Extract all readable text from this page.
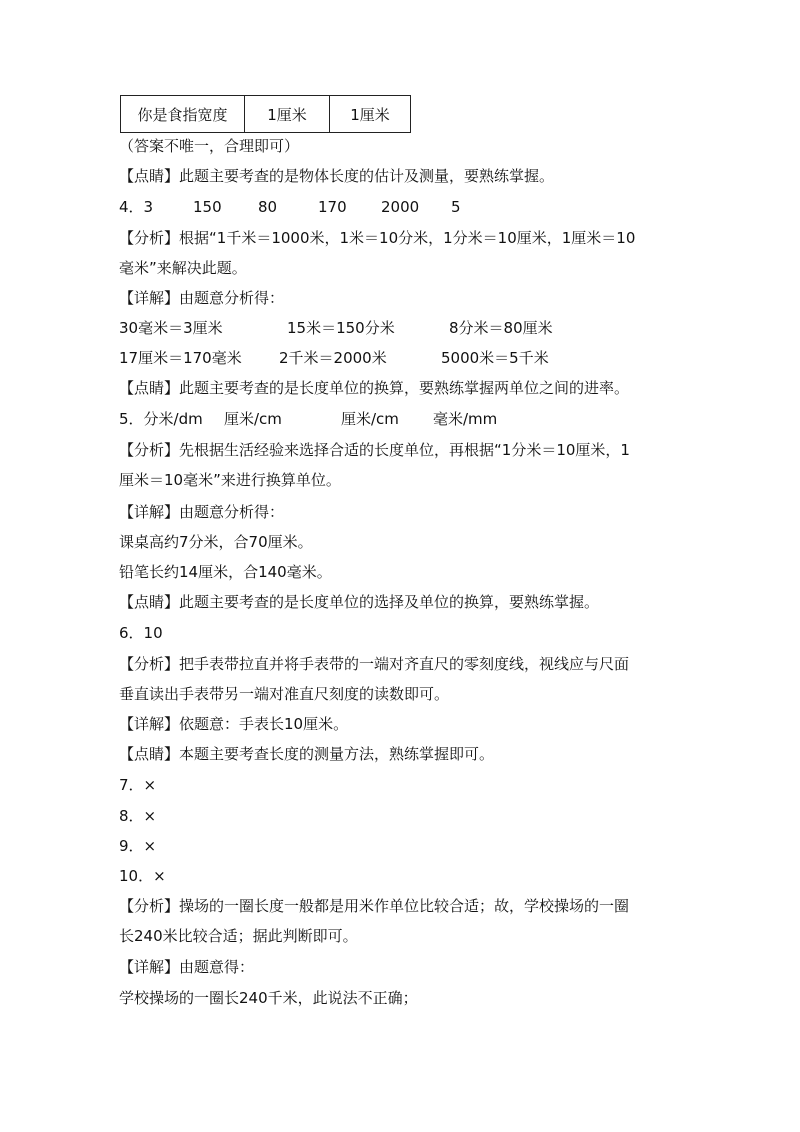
你是食指宽度	1厘米	1厘米
（答案不唯一，合理即可）
【点睛】此题主要考查的是物体长度的估计及测量，要熟练掌握。
4．3	150 80	170 2000 5
【分析】根据“1千米＝1000米，1米＝10分米，1分米＝10厘米，1厘米＝10
毫米”来解决此题。
【详解】由题意分析得：
30毫米＝3厘米	15米＝150分米	8分米＝80厘米
17厘米＝170毫米 2千米＝2000米	5000米＝5千米
【点睛】此题主要考查的是长度单位的换算，要熟练掌握两单位之间的进率。
5．分米/dm 厘米/cm	厘米/cm 毫米/mm
【分析】先根据生活经验来选择合适的长度单位，再根据“1分米＝10厘米，1
厘米＝10毫米”来进行换算单位。
【详解】由题意分析得：
课桌高约7分米，合70厘米。
铅笔长约14厘米，合140毫米。
【点睛】此题主要考查的是长度单位的选择及单位的换算，要熟练掌握。
6．10
【分析】把手表带拉直并将手表带的一端对齐直尺的零刻度线，视线应与尺面
垂直读出手表带另一端对准直尺刻度的读数即可。
【详解】依题意：手表长10厘米。
【点睛】本题主要考查长度的测量方法，熟练掌握即可。
7．×
8．×
9．×
10．×
【分析】操场的一圈长度一般都是用米作单位比较合适；故，学校操场的一圈
长240米比较合适；据此判断即可。
【详解】由题意得：
学校操场的一圈长240千米，此说法不正确；
